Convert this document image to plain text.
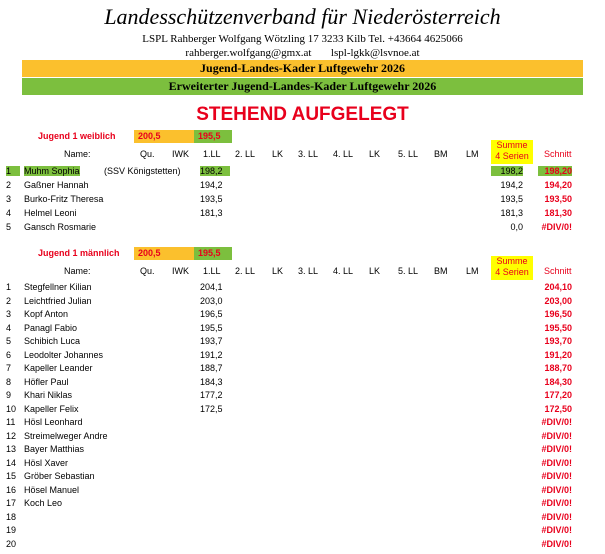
Landesschützenverband für Niederösterreich
LSPL Rahberger Wolfgang Wötzling 17 3233 Kilb Tel. +43664 4625066
rahberger.wolfgang@gmx.at lspl-lgkk@lsvnoe.at
Jugend-Landes-Kader Luftgewehr 2026
Erweiterter Jugend-Landes-Kader Luftgewehr 2026
STEHEND AUFGELEGT
Jugend 1 weiblich	200,5	195,5
Summe
4 Serien
Name:	Qu. IWK 1.LL 2. LL LK 3. LL 4. LL LK 5. LL BM LM	Schnitt
1	Muhm Sophia	(SSV Königstetten) 198,2	198,2	198,20
2	Gaßner Hannah	194,2	194,2	194,20
3	Burko-Fritz Theresa	193,5	193,5	193,50
4	Helmel Leoni	181,3	181,3	181,30
5	Gansch Rosmarie	0,0	#DIV/0!
Jugend 1 männlich	200,5	195,5
Summe
4 Serien
Name:	Qu. IWK 1.LL 2. LL LK 3. LL 4. LL LK 5. LL BM LM	Schnitt
1	Stegfellner Kilian	204,1	204,10
2	Leichtfried Julian	203,0	203,00
3	Kopf Anton	196,5	196,50
4	Panagl Fabio	195,5	195,50
5	Schibich Luca	193,7	193,70
6	Leodolter Johannes	191,2	191,20
7	Kapeller Leander	188,7	188,70
8	Höfler Paul	184,3	184,30
9	Khari Niklas	177,2	177,20
10 Kapeller Felix	172,5	172,50
11 Hösl Leonhard	#DIV/0!
12 Streimelweger Andre	#DIV/0!
13 Bayer Matthias	#DIV/0!
14 Hösl Xaver	#DIV/0!
15 Gröber Sebastian	#DIV/0!
16 Hösel Manuel	#DIV/0!
17 Koch Leo	#DIV/0!
18	#DIV/0!
19	#DIV/0!
20	#DIV/0!
